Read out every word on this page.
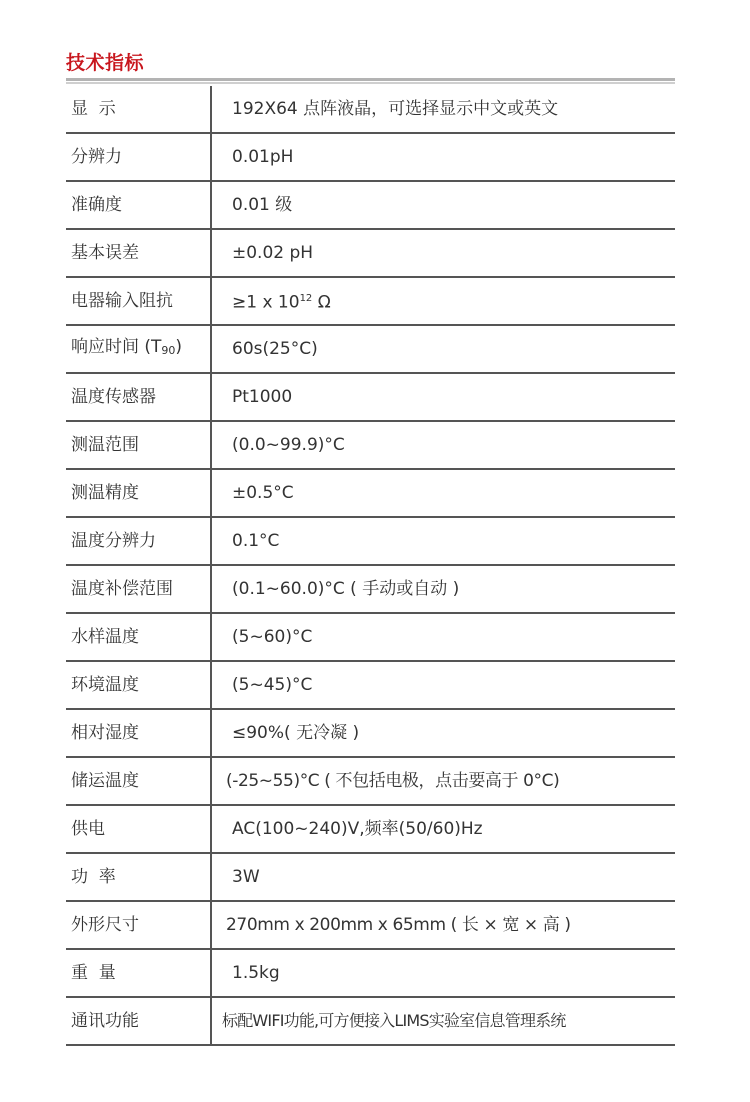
技术指标
显  示	192X64 点阵液晶，可选择显示中文或英文
分辨力	0.01pH
准确度	0.01 级
基本误差	±0.02 pH
电器输入阻抗	≥1 x $10^{12}$ Ω
响应时间 (T90)	60s(25°C)
温度传感器	Pt1000
测温范围	(0.0~99.9)°C
测温精度	±0.5°C
温度分辨力	0.1°C
温度补偿范围	(0.1~60.0)°C ( 手动或自动 )
水样温度	(5~60)°C
环境温度	(5~45)°C
相对湿度	≤90%( 无冷凝 )
储运温度	(-25~55)°C ( 不包括电极，点击要高于 0°C)
供电	AC(100~240)V,频率(50/60)Hz
功  率	3W
外形尺寸	270mm x 200mm x 65mm ( 长 × 宽 × 高 )
重  量	1.5kg
通讯功能	标配WIFI功能,可方便接入LIMS实验室信息管理系统
